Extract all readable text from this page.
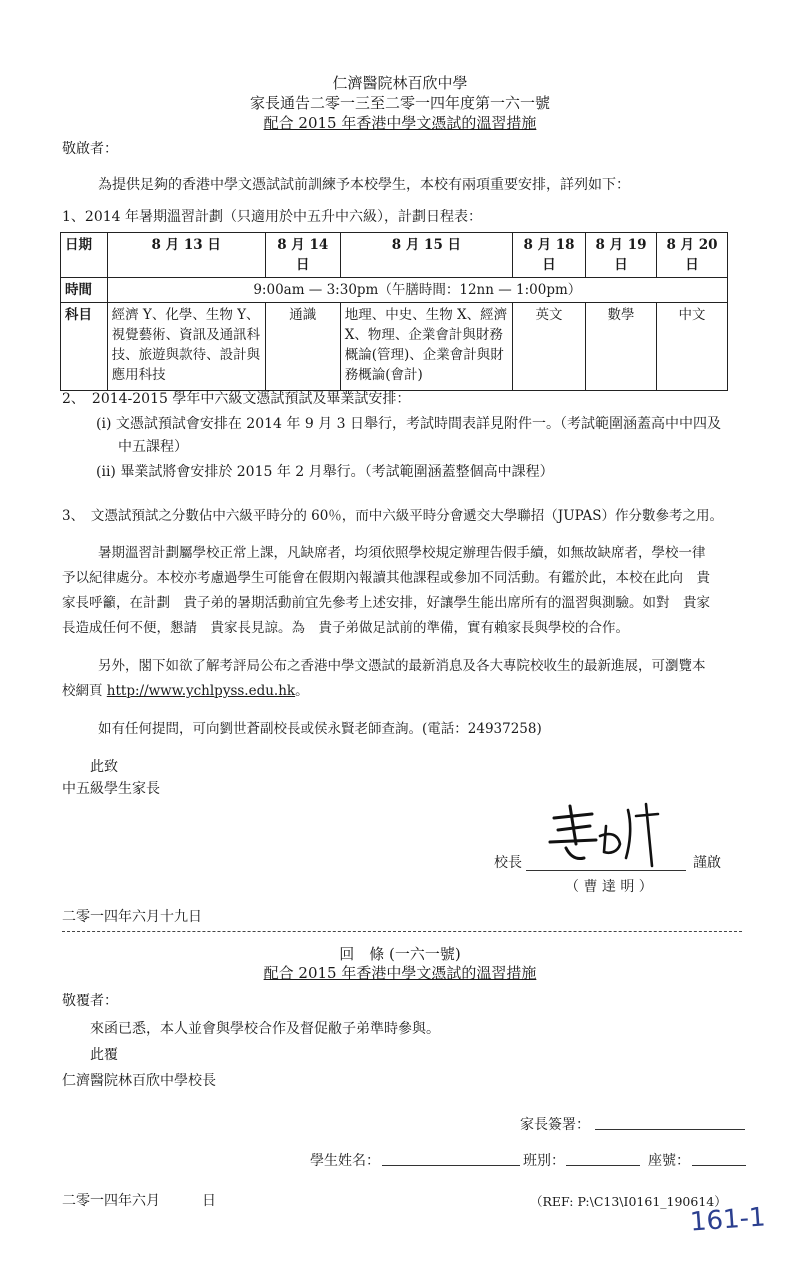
仁濟醫院林百欣中學
家長通告二零一三至二零一四年度第一六一號
配合 2015 年香港中學文憑試的溫習措施
敬啟者：
為提供足夠的香港中學文憑試試前訓練予本校學生，本校有兩項重要安排，詳列如下：
1、2014 年暑期溫習計劃（只適用於中五升中六級），計劃日程表：
日期	8 月 13 日	8 月 14 日	8 月 15 日	8 月 18 日	8 月 19 日	8 月 20 日
時間	9:00am — 3:30pm（午膳時間：12nn — 1:00pm）					
科目	經濟 Y、化學、生物 Y、視覺藝術、資訊及通訊科技、旅遊與款待、設計與應用科技	通識	地理、中史、生物 X、經濟 X、物理、企業會計與財務概論(管理)、企業會計與財務概論(會計)	英文	數學	中文
2、　2014-2015 學年中六級文憑試預試及畢業試安排：
(i) 文憑試預試會安排在 2014 年 9 月 3 日舉行，考試時間表詳見附件一。（考試範圍涵蓋高中中四及
中五課程）
(ii) 畢業試將會安排於 2015 年 2 月舉行。（考試範圍涵蓋整個高中課程）
3、　文憑試預試之分數佔中六級平時分的 60％，而中六級平時分會遞交大學聯招（JUPAS）作分數參考之用。
暑期溫習計劃屬學校正常上課，凡缺席者，均須依照學校規定辦理告假手續，如無故缺席者，學校一律
予以紀律處分。本校亦考慮過學生可能會在假期內報讀其他課程或參加不同活動。有鑑於此，本校在此向　貴
家長呼籲，在計劃　貴子弟的暑期活動前宜先參考上述安排，好讓學生能出席所有的溫習與測驗。如對　貴家
長造成任何不便，懇請　貴家長見諒。為　貴子弟做足試前的準備，實有賴家長與學校的合作。
另外，閣下如欲了解考評局公布之香港中學文憑試的最新消息及各大專院校收生的最新進展，可瀏覽本
校網頁 http://www.ychlpyss.edu.hk。
如有任何提問，可向劉世蒼副校長或侯永賢老師查詢。(電話：24937258)
此致
中五級學生家長
校長	謹啟
（ 曹 達 明 ）
二零一四年六月十九日
回　條 (一六一號)
配合 2015 年香港中學文憑試的溫習措施
敬覆者：
來函已悉，本人並會與學校合作及督促敝子弟準時參與。
此覆
仁濟醫院林百欣中學校長
家長簽署：
學生姓名：	班別：	座號：
二零一四年六月　　　日	（REF: P:\C13\I0161_190614）
161-1
